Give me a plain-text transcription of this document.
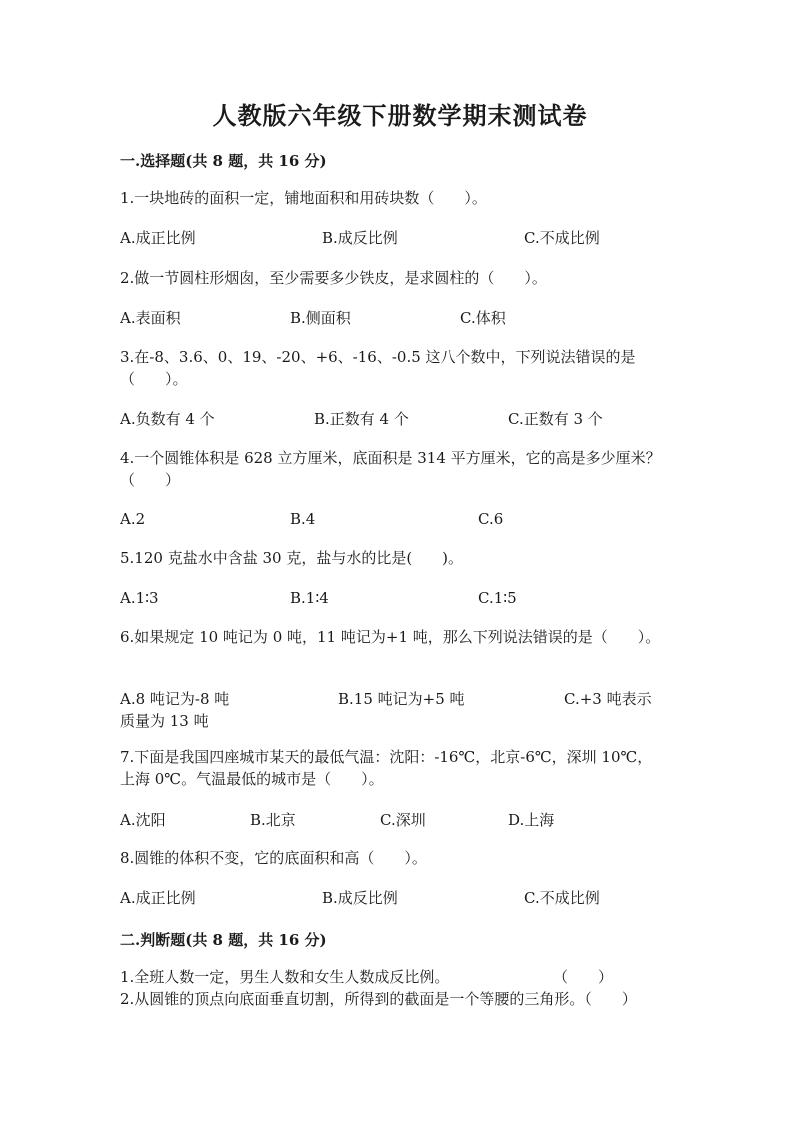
人教版六年级下册数学期末测试卷
一.选择题(共 8 题，共 16 分)
1.一块地砖的面积一定，铺地面积和用砖块数（　　）。
A.成正比例	B.成反比例	C.不成比例
2.做一节圆柱形烟囱，至少需要多少铁皮，是求圆柱的（　　）。
A.表面积	B.侧面积	C.体积
3.在-8、3.6、0、19、-20、+6、-16、-0.5 这八个数中，下列说法错误的是（　　）。
A.负数有 4 个	B.正数有 4 个	C.正数有 3 个
4.一个圆锥体积是 628 立方厘米，底面积是 314 平方厘米，它的高是多少厘米？（　　）
A.2	B.4	C.6
5.120 克盐水中含盐 30 克，盐与水的比是(　　)。
A.1∶3	B.1∶4	C.1∶5
6.如果规定 10 吨记为 0 吨，11 吨记为+1 吨，那么下列说法错误的是（　　）。
A.8 吨记为-8 吨	B.15 吨记为+5 吨	C.+3 吨表示质量为 13 吨
7.下面是我国四座城市某天的最低气温：沈阳：-16℃，北京-6℃，深圳 10℃，上海 0℃。气温最低的城市是（　　）。
A.沈阳	B.北京	C.深圳	D.上海
8.圆锥的体积不变，它的底面积和高（　　）。
A.成正比例	B.成反比例	C.不成比例
二.判断题(共 8 题，共 16 分)
1.全班人数一定，男生人数和女生人数成反比例。	（　　）
2.从圆锥的顶点向底面垂直切割，所得到的截面是一个等腰的三角形。（　　）
